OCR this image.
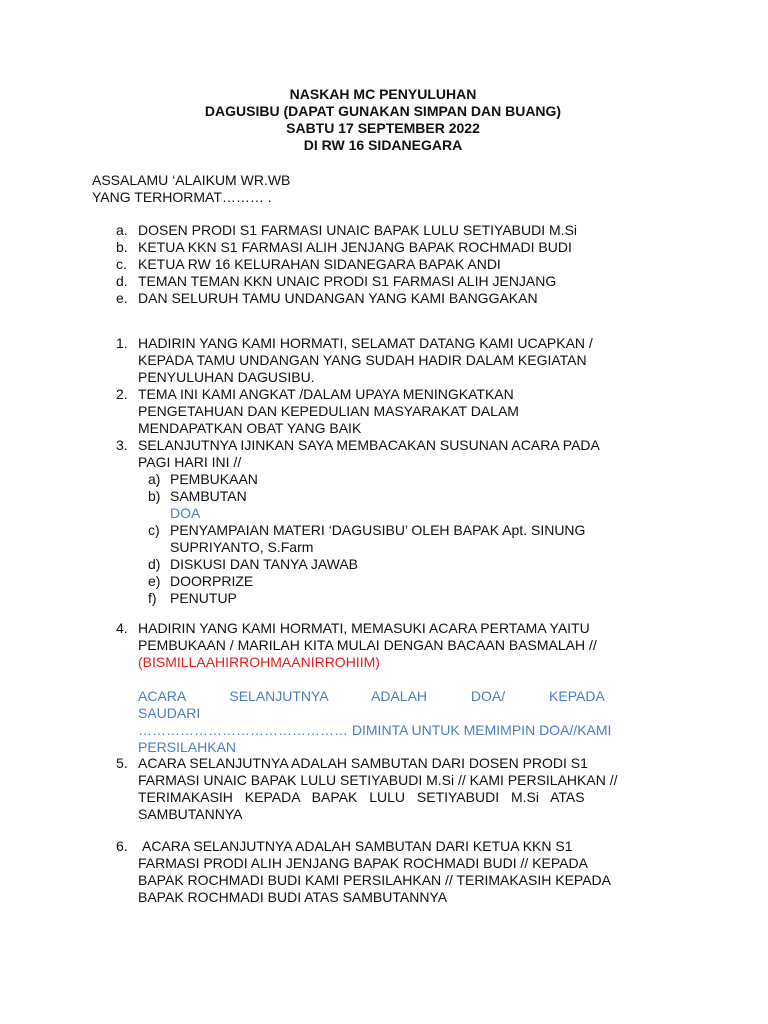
NASKAH MC PENYULUHAN
DAGUSIBU (DAPAT GUNAKAN SIMPAN DAN BUANG)
SABTU 17 SEPTEMBER 2022
DI RW 16 SIDANEGARA
ASSALAMU ‘ALAIKUM WR.WB
YANG TERHORMAT……… .
a. DOSEN PRODI S1 FARMASI UNAIC BAPAK LULU SETIYABUDI M.Si
b. KETUA KKN S1 FARMASI ALIH JENJANG BAPAK ROCHMADI BUDI
c. KETUA RW 16 KELURAHAN SIDANEGARA BAPAK ANDI
d. TEMAN TEMAN KKN UNAIC PRODI S1 FARMASI ALIH JENJANG
e. DAN SELURUH TAMU UNDANGAN YANG KAMI BANGGAKAN
1. HADIRIN YANG KAMI HORMATI, SELAMAT DATANG KAMI UCAPKAN /
KEPADA TAMU UNDANGAN YANG SUDAH HADIR DALAM KEGIATAN
PENYULUHAN DAGUSIBU.
2. TEMA INI KAMI ANGKAT /DALAM UPAYA MENINGKATKAN
PENGETAHUAN DAN KEPEDULIAN MASYARAKAT DALAM
MENDAPATKAN OBAT YANG BAIK
3. SELANJUTNYA IJINKAN SAYA MEMBACAKAN SUSUNAN ACARA PADA
PAGI HARI INI //
a) PEMBUKAAN
b) SAMBUTAN
DOA
c) PENYAMPAIAN MATERI ‘DAGUSIBU’ OLEH BAPAK Apt. SINUNG
SUPRIYANTO, S.Farm
d) DISKUSI DAN TANYA JAWAB
e) DOORPRIZE
f) PENUTUP
4. HADIRIN YANG KAMI HORMATI, MEMASUKI ACARA PERTAMA YAITU
PEMBUKAAN / MARILAH KITA MULAI DENGAN BACAAN BASMALAH //
(BISMILLAAHIRROHMAANIRROHIIM)
ACARA SELANJUTNYA ADALAH DOA/ KEPADA SAUDARI
……………………………………… DIMINTA UNTUK MEMIMPIN DOA//KAMI
PERSILAHKAN
5. ACARA SELANJUTNYA ADALAH SAMBUTAN DARI DOSEN PRODI S1
FARMASI UNAIC BAPAK LULU SETIYABUDI M.Si // KAMI PERSILAHKAN //
TERIMAKASIH KEPADA BAPAK LULU SETIYABUDI M.Si ATAS
SAMBUTANNYA
6. ACARA SELANJUTNYA ADALAH SAMBUTAN DARI KETUA KKN S1
FARMASI PRODI ALIH JENJANG BAPAK ROCHMADI BUDI // KEPADA
BAPAK ROCHMADI BUDI KAMI PERSILAHKAN // TERIMAKASIH KEPADA
BAPAK ROCHMADI BUDI ATAS SAMBUTANNYA
